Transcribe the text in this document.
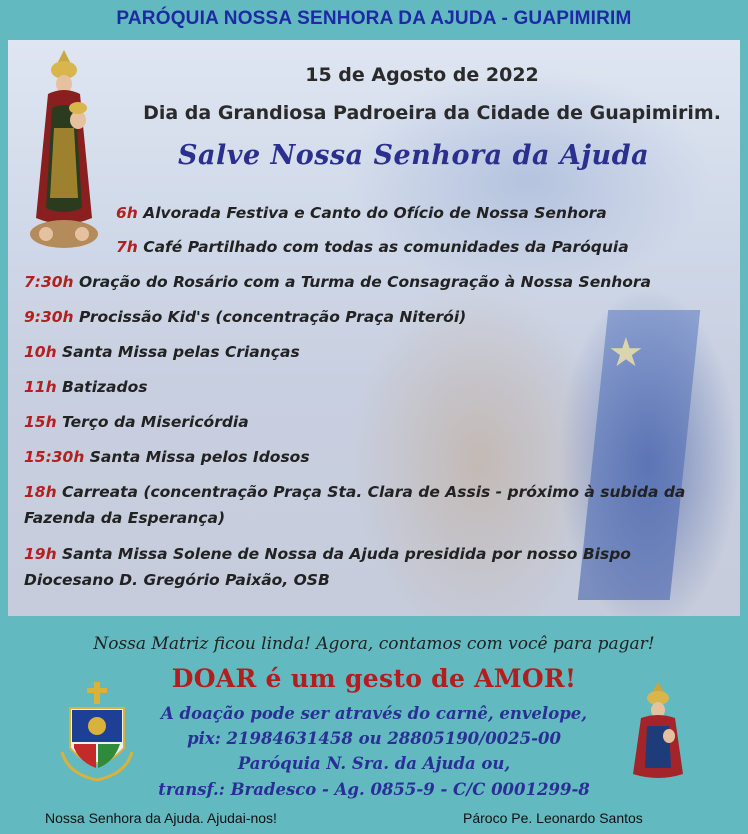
PARÓQUIA NOSSA SENHORA DA AJUDA - GUAPIMIRIM
★
15 de Agosto de 2022
Dia da Grandiosa Padroeira da Cidade de Guapimirim.
Salve Nossa Senhora da Ajuda
6h Alvorada Festiva e Canto do Ofício de Nossa Senhora
7h Café Partilhado com todas as comunidades da Paróquia
7:30h Oração do Rosário com a Turma de Consagração à Nossa Senhora
9:30h Procissão Kid's (concentração Praça Niterói)
10h Santa Missa pelas Crianças
11h Batizados
15h Terço da Misericórdia
15:30h Santa Missa pelos Idosos
18h Carreata (concentração Praça Sta. Clara de Assis - próximo à subida da
Fazenda da Esperança)
19h Santa Missa Solene de Nossa da Ajuda presidida por nosso Bispo
Diocesano D. Gregório Paixão, OSB
Nossa Matriz ficou linda! Agora, contamos com você para pagar!
DOAR é um gesto de AMOR!
A doação pode ser através do carnê, envelope,
pix: 21984631458 ou 28805190/0025-00
Paróquia N. Sra. da Ajuda ou,
transf.: Bradesco - Ag. 0855-9 - C/C 0001299-8
Nossa Senhora da Ajuda. Ajudai-nos!	Pároco Pe. Leonardo Santos
